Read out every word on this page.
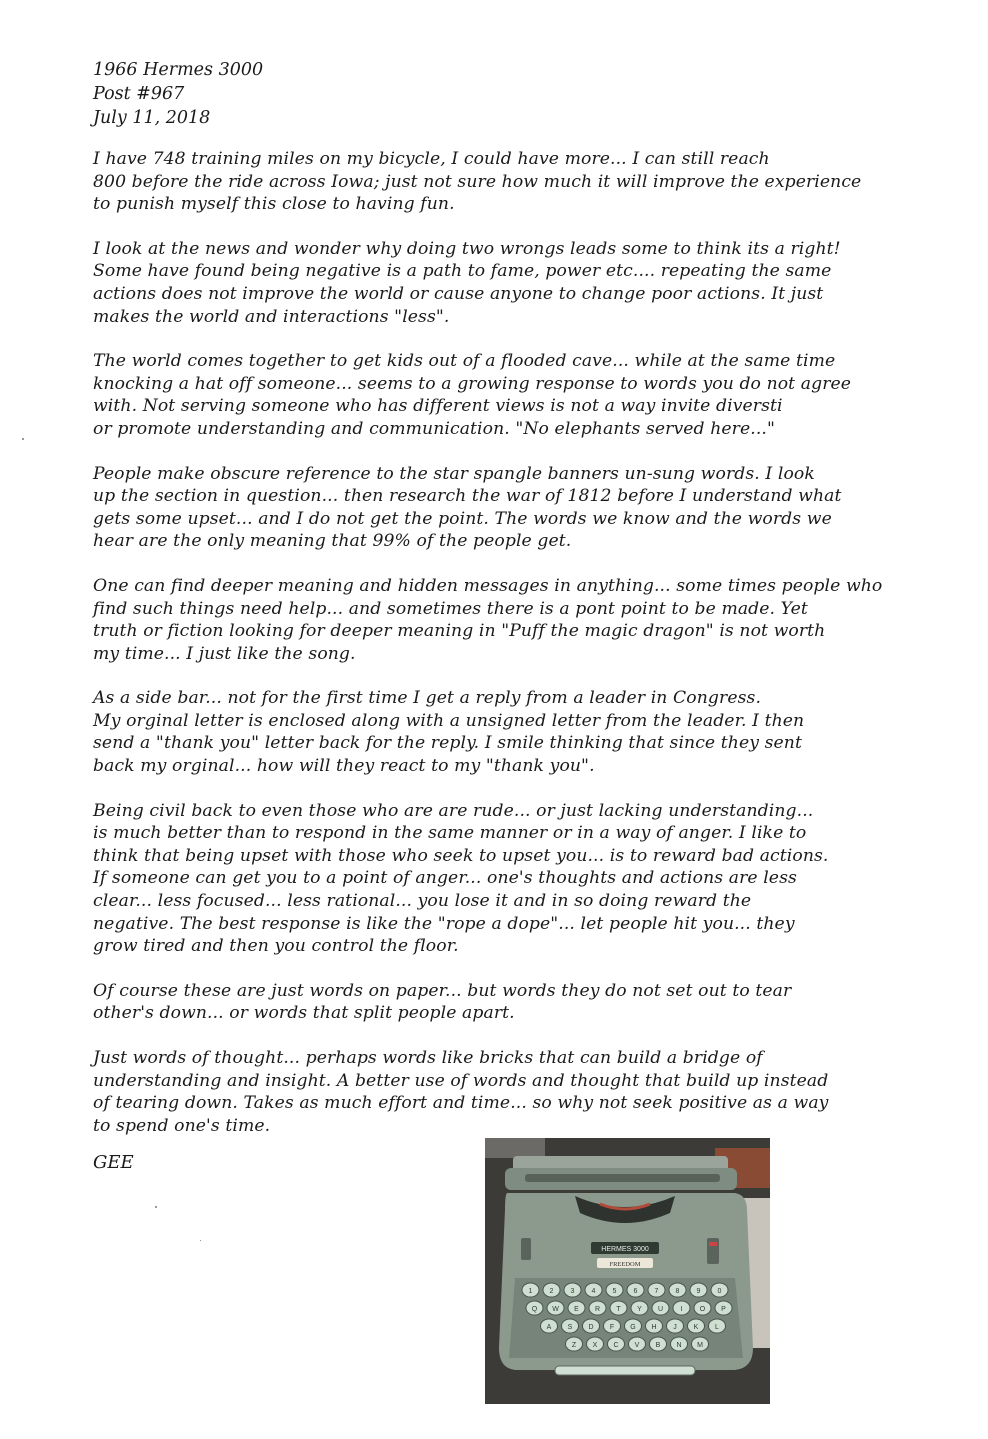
1966 Hermes 3000
Post #967
July 11, 2018
I have 748 training miles on my bicycle, I could have more... I can still reach
800 before the ride across Iowa; just not sure how much it will improve the experience
to punish myself this close to having fun.
I look at the news and wonder why doing two wrongs leads some to think its a right!
Some have found being negative is a path to fame, power etc.... repeating the same
actions does not improve the world or cause anyone to change poor actions. It just
makes the world and interactions "less".
The world comes together to get kids out of a flooded cave... while at the same time
knocking a hat off someone... seems to a growing response to words you do not agree
with. Not serving someone who has different views is not a way invite diversti
or promote understanding and communication. "No elephants served here..."
People make obscure reference to the star spangle banners un-sung words. I look
up the section in question... then research the war of 1812 before I understand what
gets some upset... and I do not get the point. The words we know and the words we
hear are the only meaning that 99% of the people get.
One can find deeper meaning and hidden messages in anything... some times people who
find such things need help... and sometimes there is a pont point to be made. Yet
truth or fiction looking for deeper meaning in "Puff the magic dragon" is not worth
my time... I just like the song.
As a side bar... not for the first time I get a reply from a leader in Congress.
My orginal letter is enclosed along with a unsigned letter from the leader. I then
send a "thank you" letter back for the reply. I smile thinking that since they sent
back my orginal... how will they react to my "thank you".
Being civil back to even those who are are rude... or just lacking understanding...
is much better than to respond in the same manner or in a way of anger. I like to
think that being upset with those who seek to upset you... is to reward bad actions.
If someone can get you to a point of anger... one's thoughts and actions are less
clear... less focused... less rational... you lose it and in so doing reward the
negative. The best response is like the "rope a dope"... let people hit you... they
grow tired and then you control the floor.
Of course these are just words on paper... but words they do not set out to tear
other's down... or words that split people apart.
Just words of thought... perhaps words like bricks that can build a bridge of
understanding and insight. A better use of words and thought that build up instead
of tearing down. Takes as much effort and time... so why not seek positive as a way
to spend one's time.
GEE
HERMES 3000
FREEDOM
1 2 3 4 5 6 7 8 9 0
Q W E R T Y U I O P
A S D F G H J K L
Z X C V B N M
